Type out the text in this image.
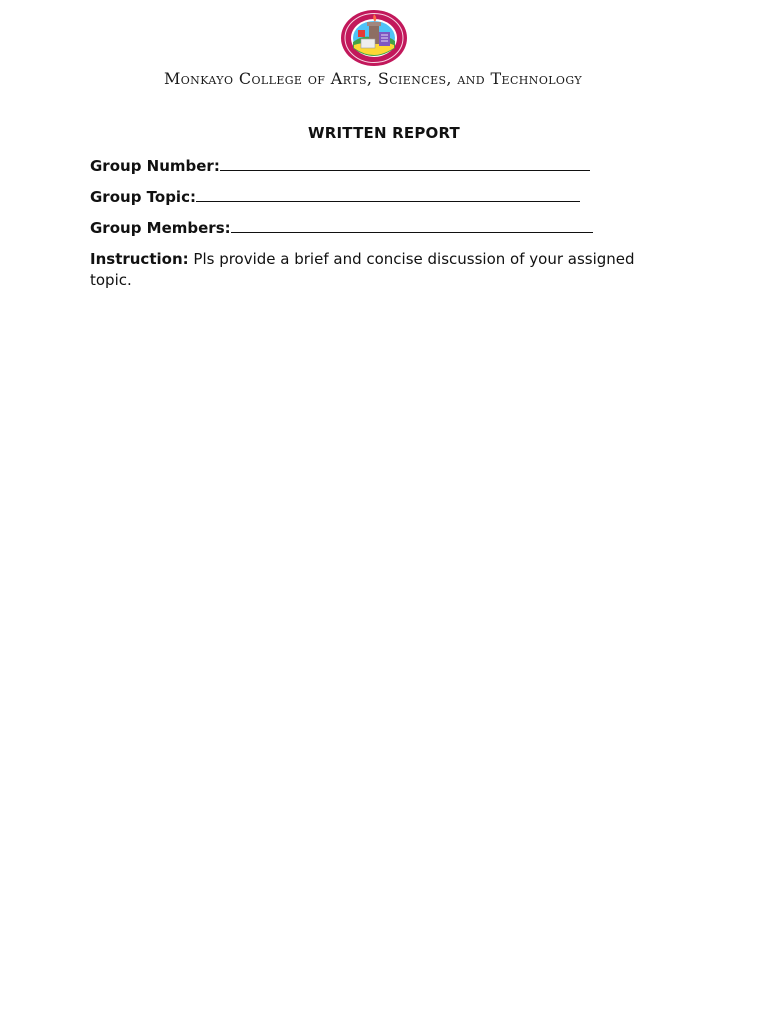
Monkayo College of Arts, Sciences, and Technology
WRITTEN REPORT
Group Number:
Group Topic:
Group Members:
Instruction: Pls provide a brief and concise discussion of your assigned topic.
